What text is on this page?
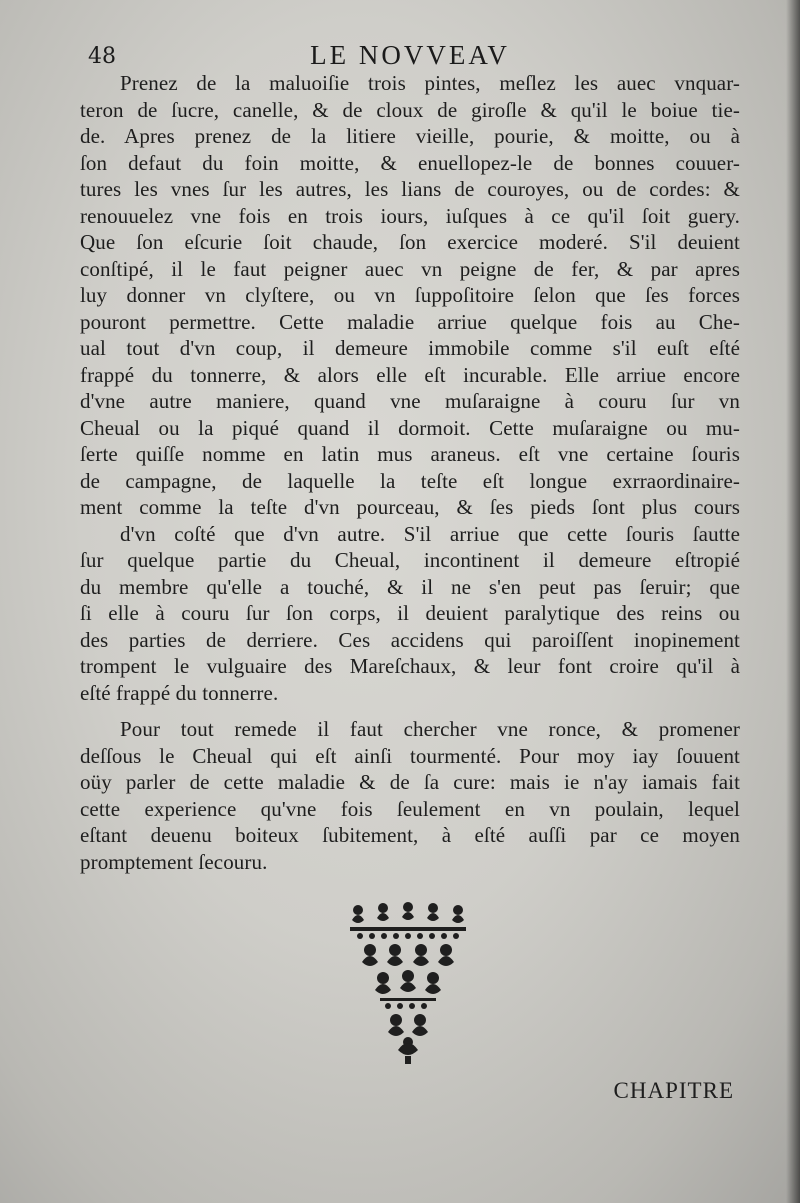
48	LE NOVVEAV
Prenez de la maluoiſie trois pintes, meſlez les auec vnquar-
teron de ſucre, canelle, & de cloux de giroſle & qu'il le boiue tie-
de. Apres prenez de la litiere vieille, pourie, & moitte, ou à
ſon defaut du foin moitte, & enuellopez-le de bonnes couuer-
tures les vnes ſur les autres, les lians de couroyes, ou de cordes: &
renouuelez vne fois en trois iours, iuſques à ce qu'il ſoit guery.
Que ſon eſcurie ſoit chaude, ſon exercice moderé. S'il deuient
conſtipé, il le faut peigner auec vn peigne de fer, & par apres
luy donner vn clyſtere, ou vn ſuppoſitoire ſelon que ſes forces
pouront permettre. Cette maladie arriue quelque fois au Che-
ual tout d'vn coup, il demeure immobile comme s'il euſt eſté
frappé du tonnerre, & alors elle eſt incurable. Elle arriue encore
d'vne autre maniere, quand vne muſaraigne à couru ſur vn
Cheual ou la piqué quand il dormoit. Cette muſaraigne ou mu-
ſerte quiſſe nomme en latin mus araneus. eſt vne certaine ſouris
de campagne, de laquelle la teſte eſt longue exrraordinaire-
ment comme la teſte d'vn pourceau, & ſes pieds ſont plus cours
d'vn coſté que d'vn autre. S'il arriue que cette ſouris ſautte
ſur quelque partie du Cheual, incontinent il demeure eſtropié
du membre qu'elle a touché, & il ne s'en peut pas ſeruir; que
ſi elle à couru ſur ſon corps, il deuient paralytique des reins ou
des parties de derriere. Ces accidens qui paroiſſent inopinement
trompent le vulguaire des Mareſchaux, & leur font croire qu'il à
eſté frappé du tonnerre.
Pour tout remede il faut chercher vne ronce, & promener
deſſous le Cheual qui eſt ainſi tourmenté. Pour moy iay ſouuent
oüy parler de cette maladie & de ſa cure: mais ie n'ay iamais fait
cette experience qu'vne fois ſeulement en vn poulain, lequel
eſtant deuenu boiteux ſubitement, à eſté auſſi par ce moyen
promptement ſecouru.
CHAPITRE
